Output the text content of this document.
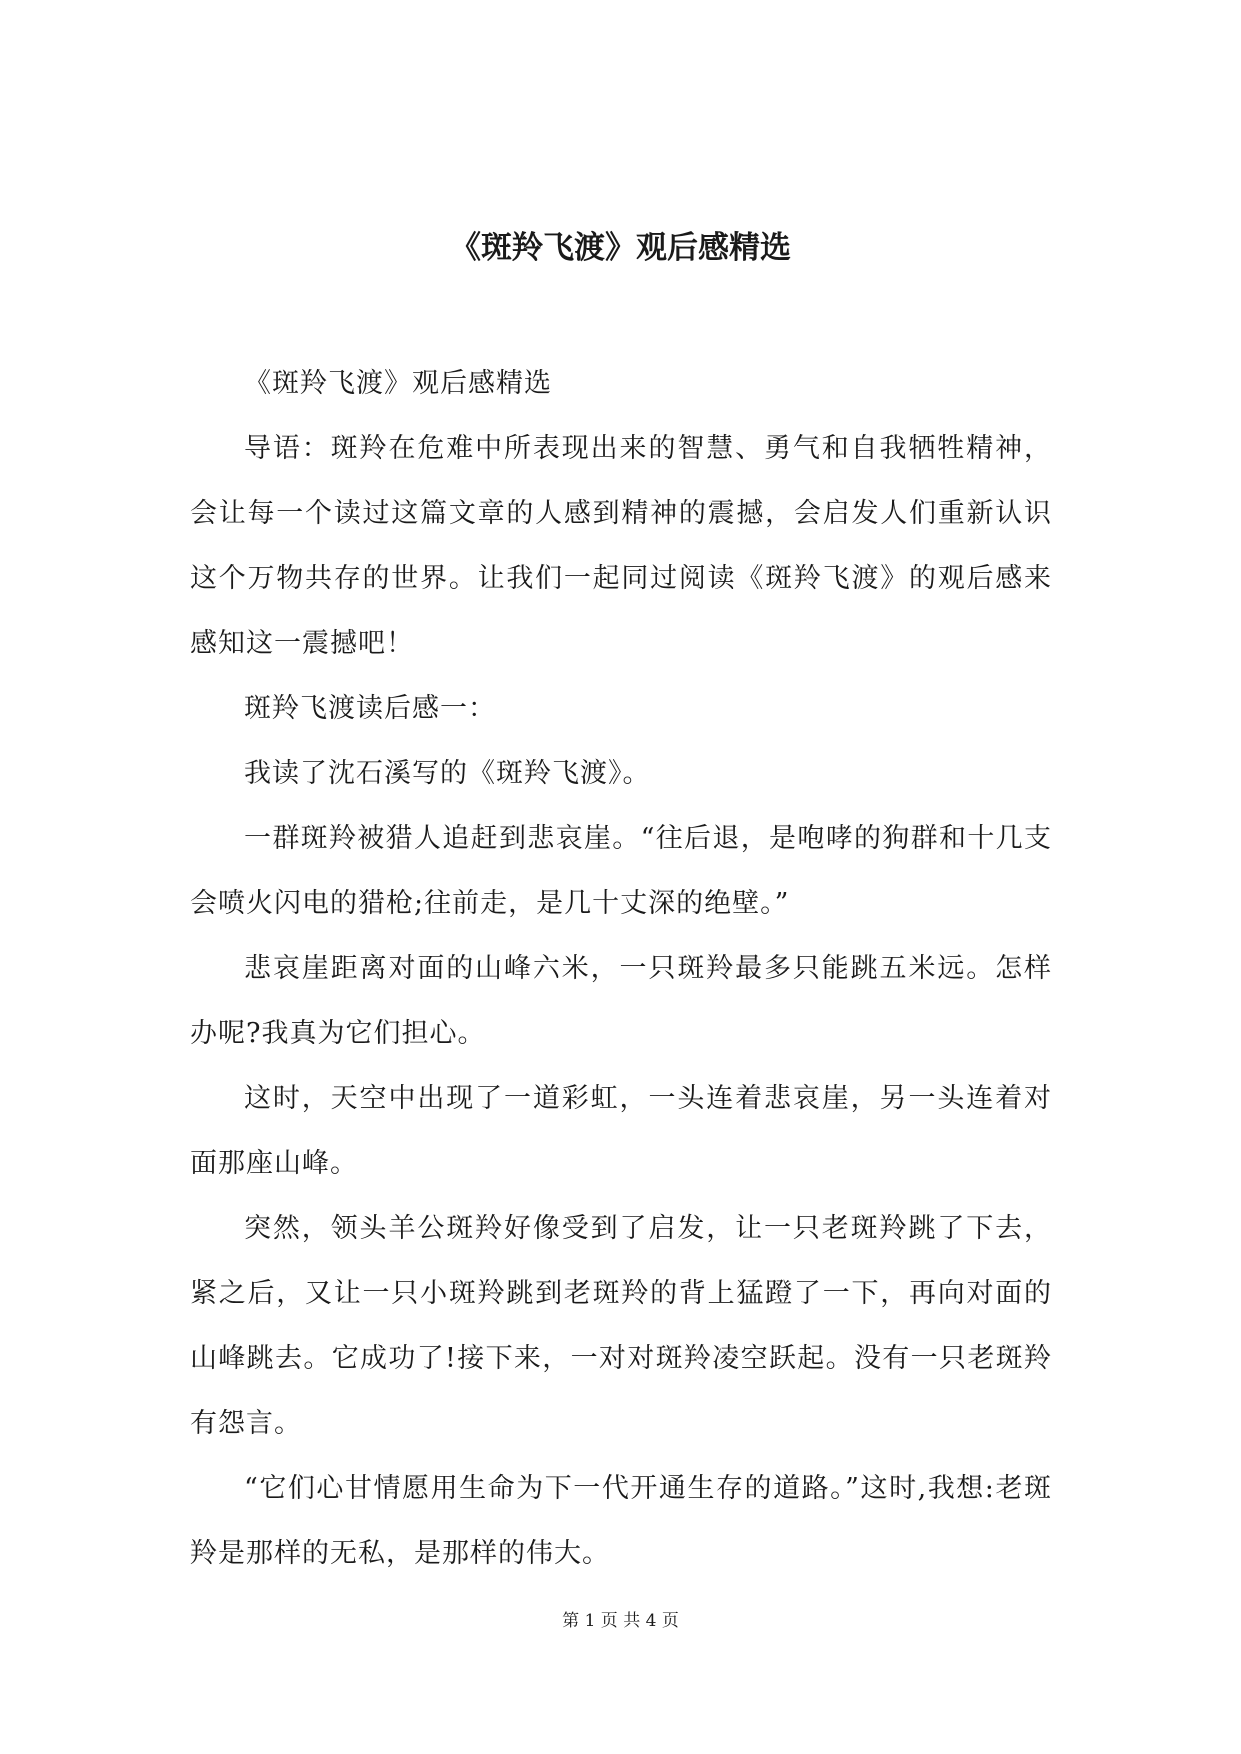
《斑羚飞渡》观后感精选

《斑羚飞渡》观后感精选

导语：斑羚在危难中所表现出来的智慧、勇气和自我牺牲精神，会让每一个读过这篇文章的人感到精神的震撼，会启发人们重新认识这个万物共存的世界。让我们一起同过阅读《斑羚飞渡》的观后感来感知这一震撼吧！

斑羚飞渡读后感一：

我读了沈石溪写的《斑羚飞渡》。

一群斑羚被猎人追赶到悲哀崖。“往后退，是咆哮的狗群和十几支会喷火闪电的猎枪;往前走，是几十丈深的绝壁。”

悲哀崖距离对面的山峰六米，一只斑羚最多只能跳五米远。怎样办呢?我真为它们担心。

这时，天空中出现了一道彩虹，一头连着悲哀崖，另一头连着对面那座山峰。

突然，领头羊公斑羚好像受到了启发，让一只老斑羚跳了下去，紧之后，又让一只小斑羚跳到老斑羚的背上猛蹬了一下，再向对面的山峰跳去。它成功了!接下来，一对对斑羚凌空跃起。没有一只老斑羚有怨言。

“它们心甘情愿用生命为下一代开通生存的道路。”这时,我想:老斑羚是那样的无私，是那样的伟大。

第 1 页 共 4 页
